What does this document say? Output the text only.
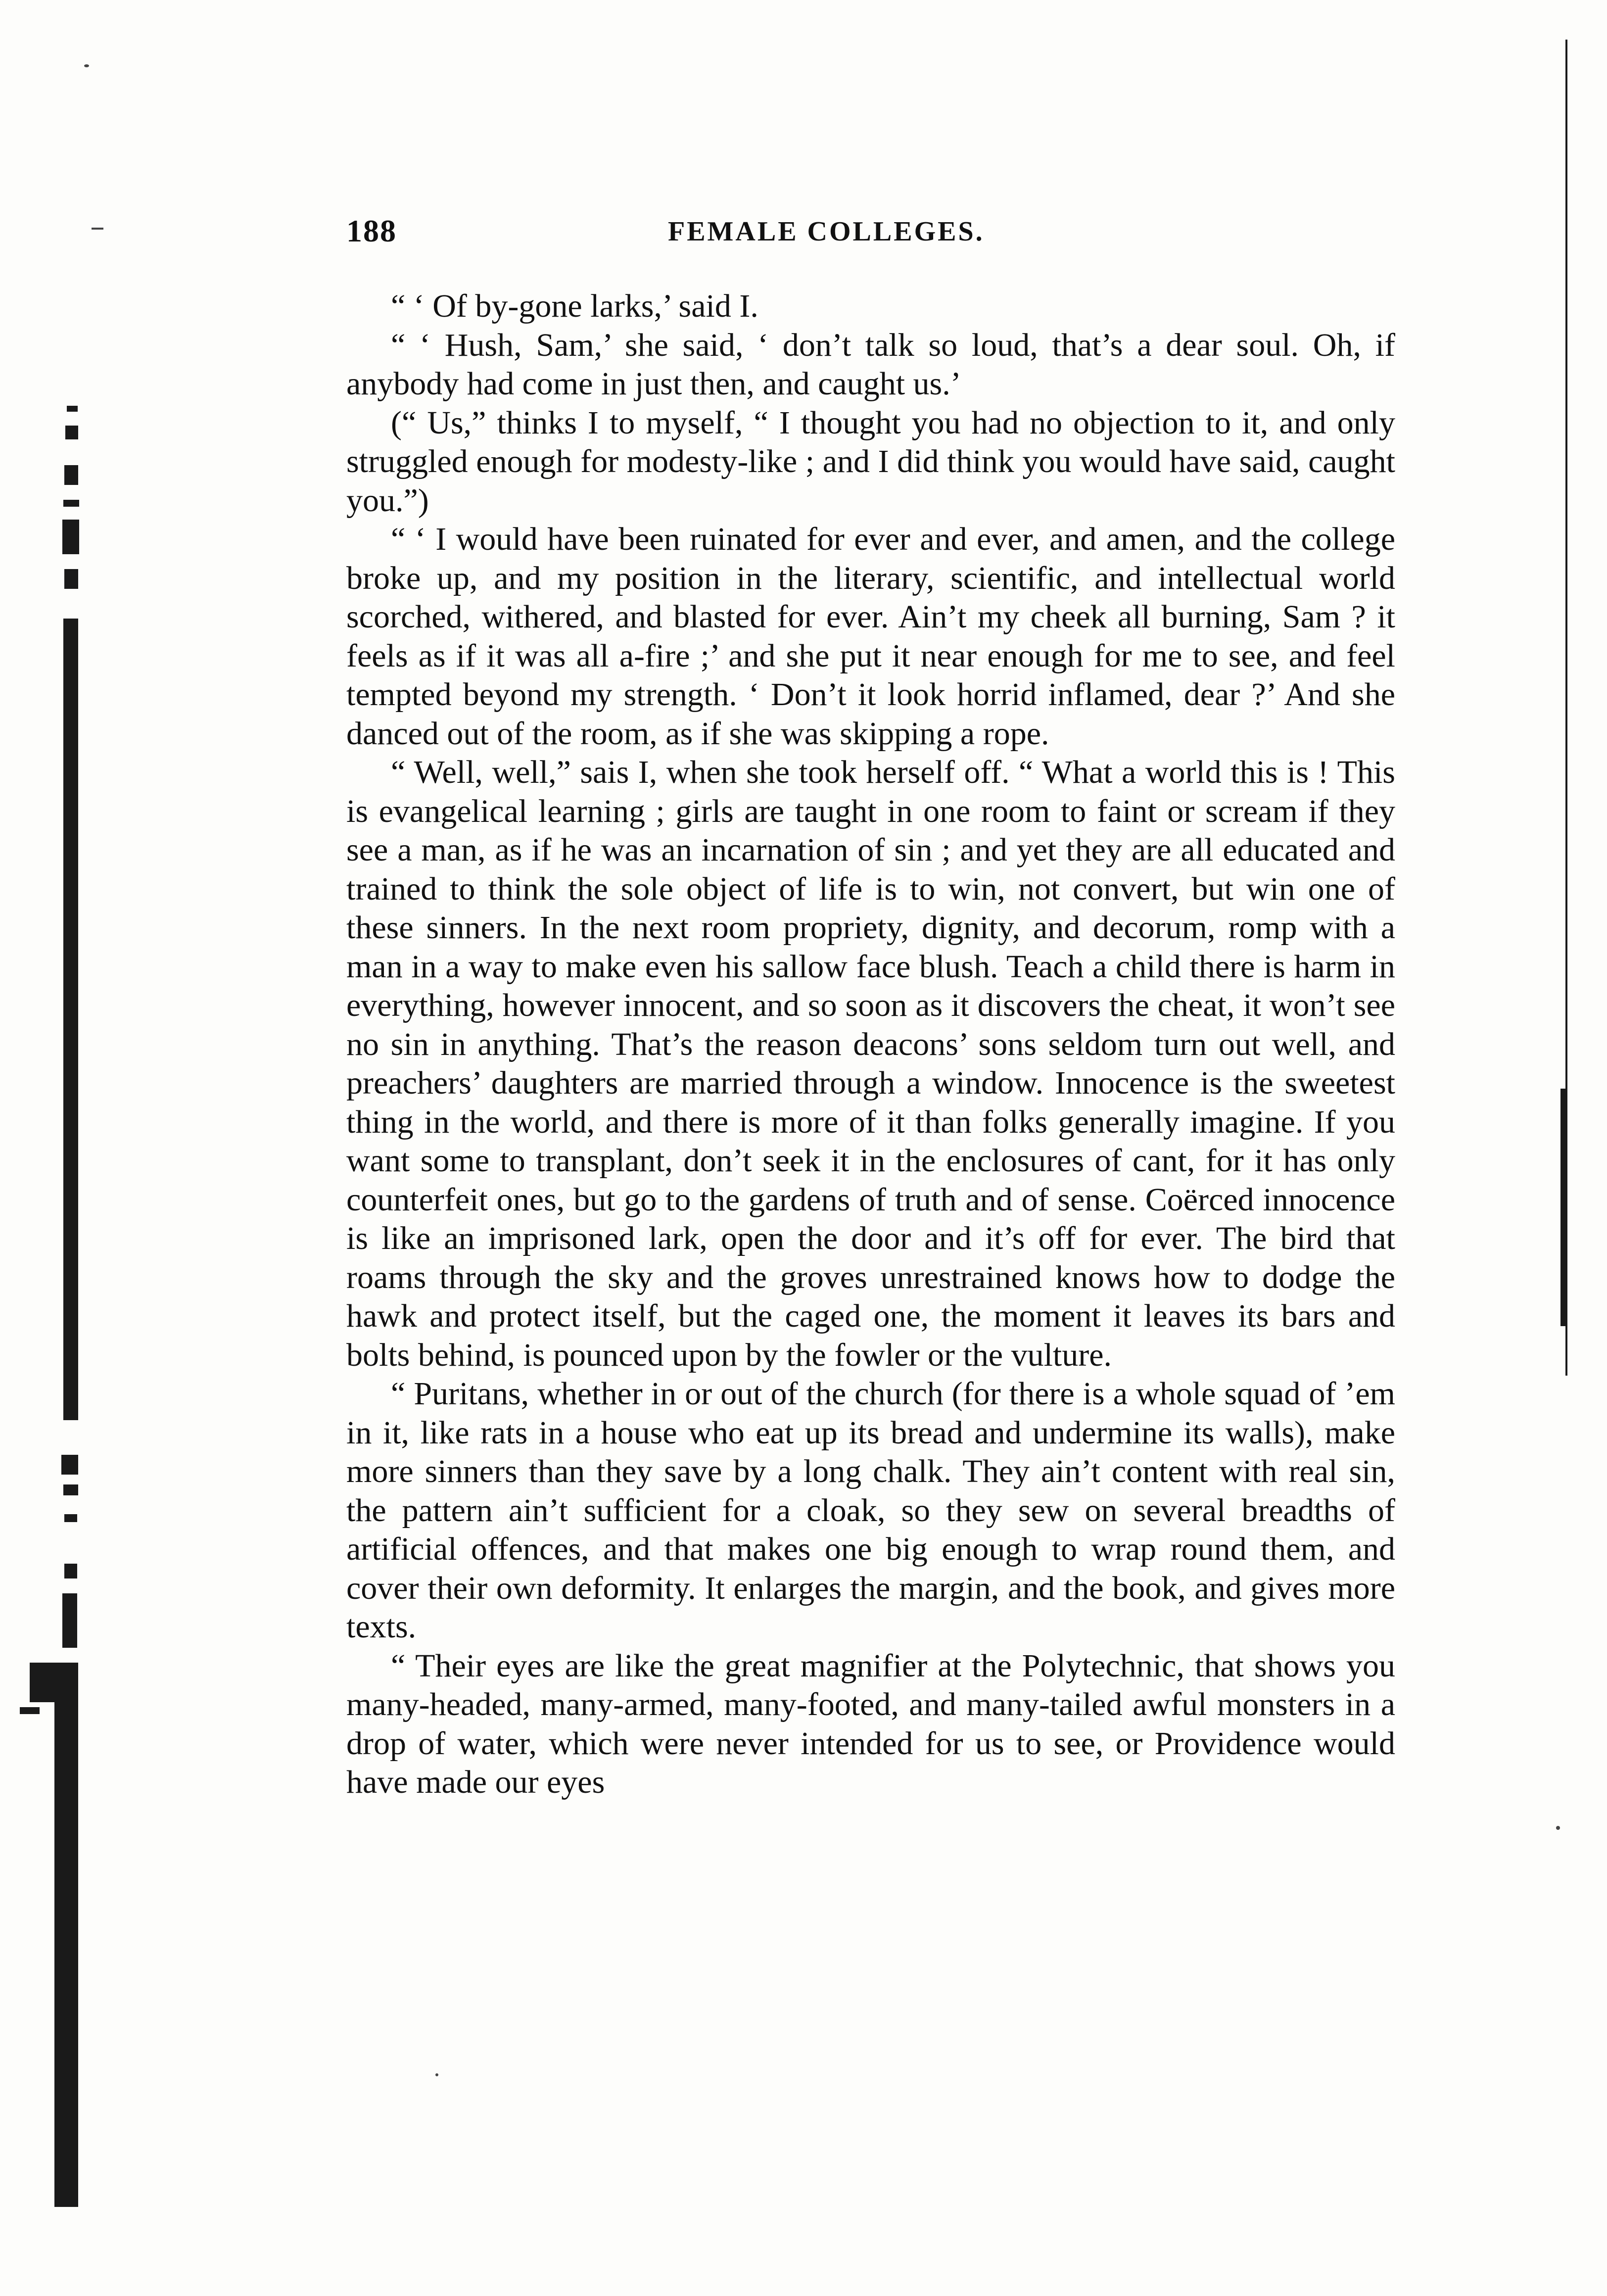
188	FEMALE COLLEGES.

“ ‘ Of by-gone larks,’ said I.

“ ‘ Hush, Sam,’ she said, ‘ don’t talk so loud, that’s a dear soul. Oh, if anybody had come in just then, and caught us.’

(“ Us,” thinks I to myself, “ I thought you had no objection to it, and only struggled enough for modesty-like ; and I did think you would have said, caught you.”)

“ ‘ I would have been ruinated for ever and ever, and amen, and the college broke up, and my position in the literary, scientific, and intellectual world scorched, withered, and blasted for ever. Ain’t my cheek all burning, Sam ? it feels as if it was all a-fire ;’ and she put it near enough for me to see, and feel tempted beyond my strength. ‘ Don’t it look horrid inflamed, dear ?’ And she danced out of the room, as if she was skipping a rope.

“ Well, well,” sais I, when she took herself off. “ What a world this is ! This is evangelical learning ; girls are taught in one room to faint or scream if they see a man, as if he was an incarnation of sin ; and yet they are all educated and trained to think the sole object of life is to win, not convert, but win one of these sinners. In the next room propriety, dignity, and decorum, romp with a man in a way to make even his sallow face blush. Teach a child there is harm in everything, however innocent, and so soon as it discovers the cheat, it won’t see no sin in anything. That’s the reason deacons’ sons seldom turn out well, and preachers’ daughters are married through a window. Innocence is the sweetest thing in the world, and there is more of it than folks generally imagine. If you want some to transplant, don’t seek it in the enclosures of cant, for it has only counterfeit ones, but go to the gardens of truth and of sense. Coërced innocence is like an imprisoned lark, open the door and it’s off for ever. The bird that roams through the sky and the groves unrestrained knows how to dodge the hawk and protect itself, but the caged one, the moment it leaves its bars and bolts behind, is pounced upon by the fowler or the vulture.

“ Puritans, whether in or out of the church (for there is a whole squad of ’em in it, like rats in a house who eat up its bread and undermine its walls), make more sinners than they save by a long chalk. They ain’t content with real sin, the pattern ain’t sufficient for a cloak, so they sew on several breadths of artificial offences, and that makes one big enough to wrap round them, and cover their own deformity. It enlarges the margin, and the book, and gives more texts.

“ Their eyes are like the great magnifier at the Polytechnic, that shows you many-headed, many-armed, many-footed, and many-tailed awful monsters in a drop of water, which were never intended for us to see, or Providence would have made our eyes
